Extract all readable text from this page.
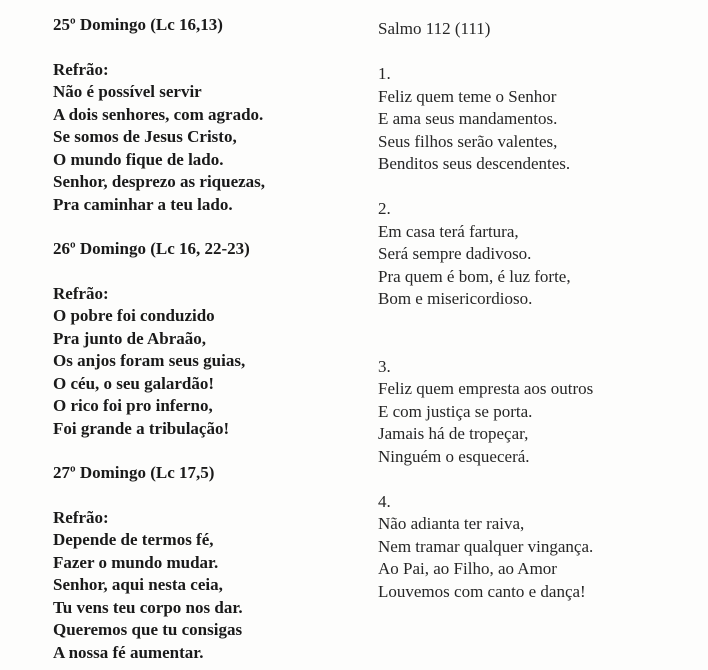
25º Domingo (Lc 16,13)
Refrão:
Não é possível servir
A dois senhores, com agrado.
Se somos de Jesus Cristo,
O mundo fique de lado.
Senhor, desprezo as riquezas,
Pra caminhar a teu lado.
26º Domingo (Lc 16, 22-23)
Refrão:
O pobre foi conduzido
Pra junto de Abraão,
Os anjos foram seus guias,
O céu, o seu galardão!
O rico foi pro inferno,
Foi grande a tribulação!
27º Domingo (Lc 17,5)
Refrão:
Depende de termos fé,
Fazer o mundo mudar.
Senhor, aqui nesta ceia,
Tu vens teu corpo nos dar.
Queremos que tu consigas
A nossa fé aumentar.
Salmo 112 (111)
1.
Feliz quem teme o Senhor
E ama seus mandamentos.
Seus filhos serão valentes,
Benditos seus descendentes.
2.
Em casa terá fartura,
Será sempre dadivoso.
Pra quem é bom, é luz forte,
Bom e misericordioso.
3.
Feliz quem empresta aos outros
E com justiça se porta.
Jamais há de tropeçar,
Ninguém o esquecerá.
4.
Não adianta ter raiva,
Nem tramar qualquer vingança.
Ao Pai, ao Filho, ao Amor
Louvemos com canto e dança!
